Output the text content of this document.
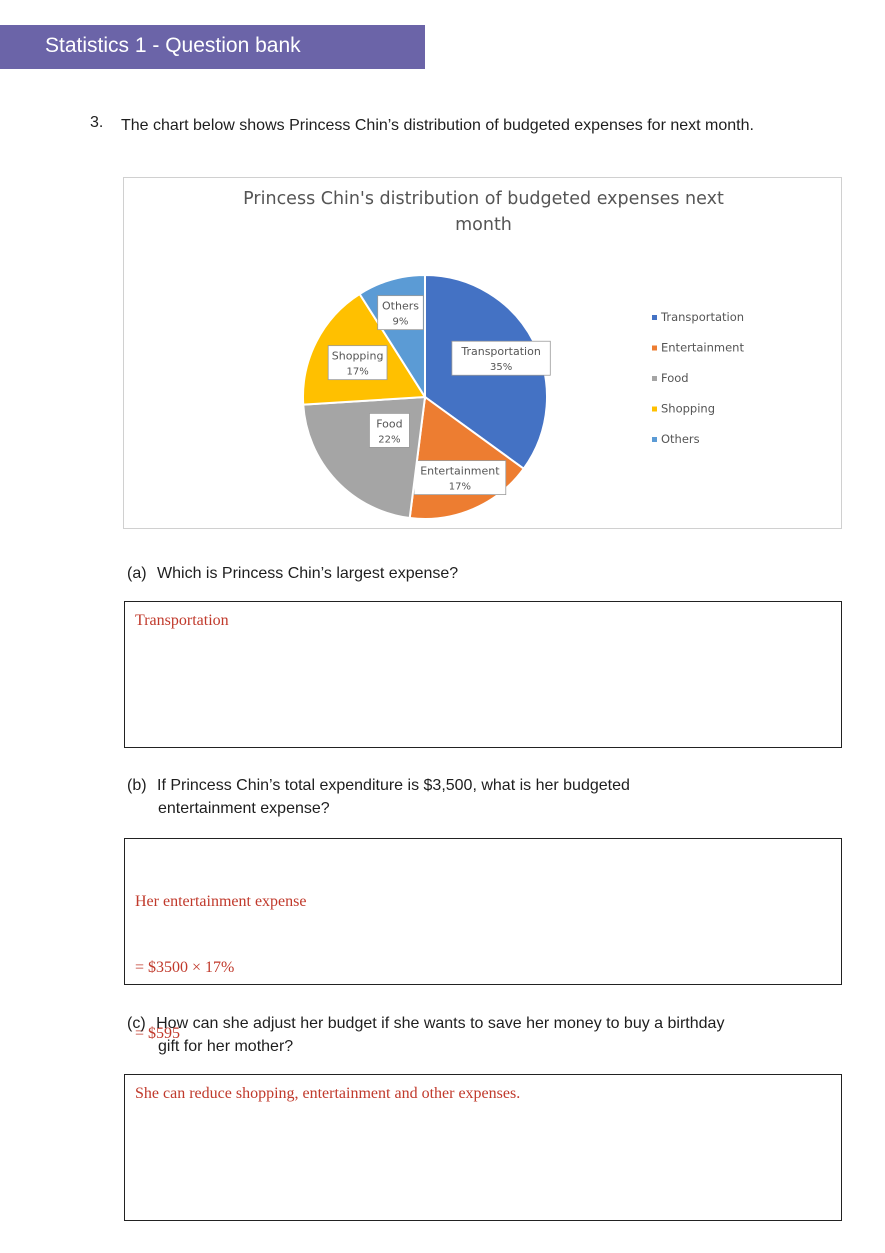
Statistics 1 - Question bank
3. The chart below shows Princess Chin’s distribution of budgeted expenses for next month.
Princess Chin's distribution of budgeted expenses next
month
Transportation
35%
Entertainment
17%
Food
22%
Shopping
17%
Others
9%	Transportation
Entertainment
Food
Shopping
Others
(a) Which is Princess Chin’s largest expense?
Transportation
(b) If Princess Chin’s total expenditure is $3,500, what is her budgeted
entertainment expense?

Her entertainment expense

= $3500 × 17%

= $595

(c) How can she adjust her budget if she wants to save her money to buy a birthday
gift for her mother?
She can reduce shopping, entertainment and other expenses.
